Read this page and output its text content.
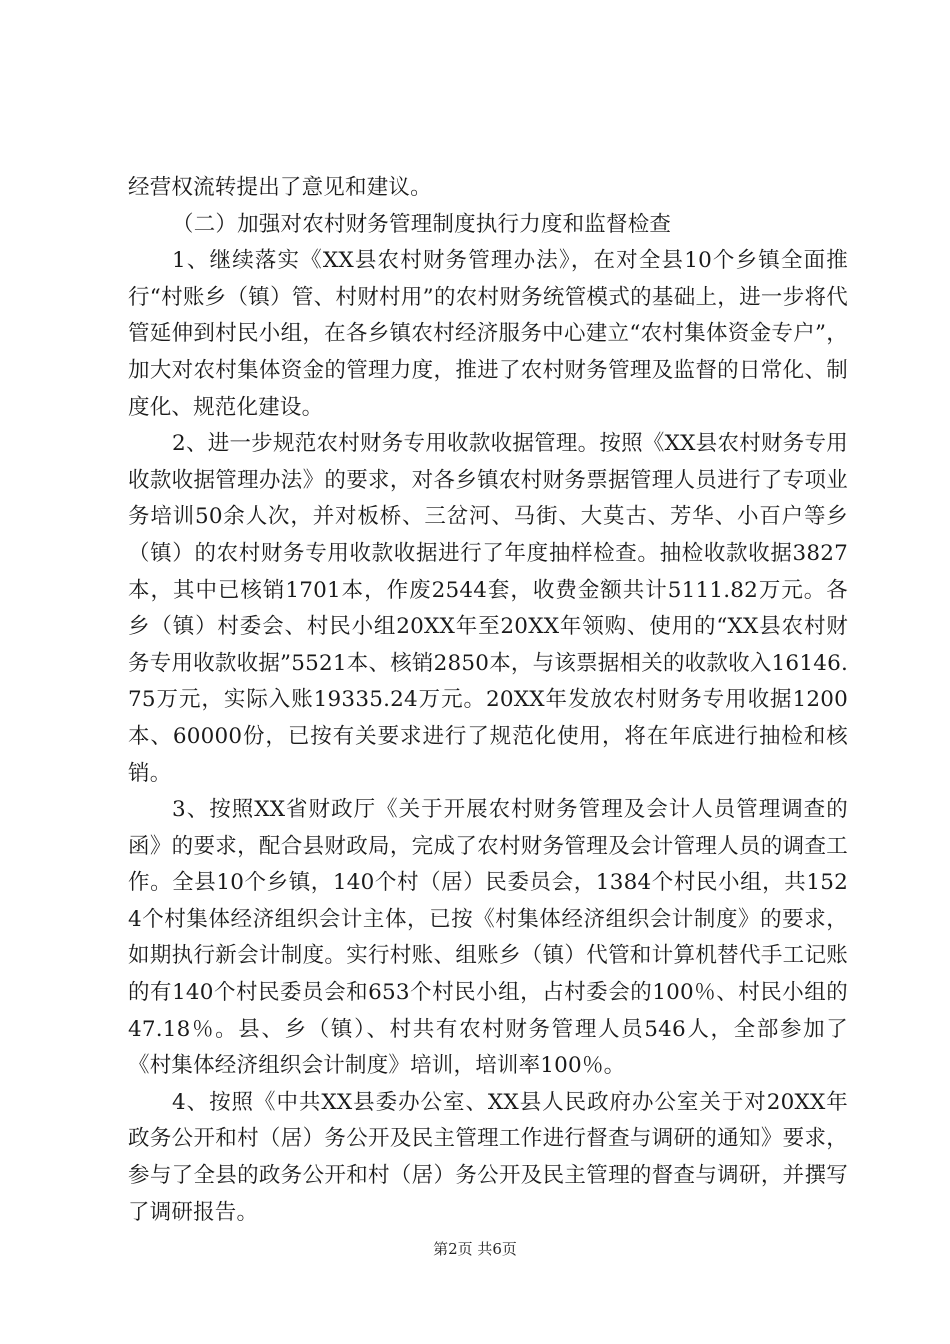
经营权流转提出了意见和建议。

（二）加强对农村财务管理制度执行力度和监督检查

1、继续落实《XX县农村财务管理办法》，在对全县10个乡镇全面推行“村账乡（镇）管、村财村用”的农村财务统管模式的基础上，进一步将代管延伸到村民小组，在各乡镇农村经济服务中心建立“农村集体资金专户”，加大对农村集体资金的管理力度，推进了农村财务管理及监督的日常化、制度化、规范化建设。

2、进一步规范农村财务专用收款收据管理。按照《XX县农村财务专用收款收据管理办法》的要求，对各乡镇农村财务票据管理人员进行了专项业务培训50余人次，并对板桥、三岔河、马街、大莫古、芳华、小百户等乡（镇）的农村财务专用收款收据进行了年度抽样检查。抽检收款收据3827本，其中已核销1701本，作废2544套，收费金额共计5111.82万元。各乡（镇）村委会、村民小组20XX年至20XX年领购、使用的“XX县农村财务专用收款收据”5521本、核销2850本，与该票据相关的收款收入16146.75万元，实际入账19335.24万元。20XX年发放农村财务专用收据1200本、60000份，已按有关要求进行了规范化使用，将在年底进行抽检和核销。

3、按照XX省财政厅《关于开展农村财务管理及会计人员管理调查的函》的要求，配合县财政局，完成了农村财务管理及会计管理人员的调查工作。全县10个乡镇，140个村（居）民委员会，1384个村民小组，共1524个村集体经济组织会计主体，已按《村集体经济组织会计制度》的要求，如期执行新会计制度。实行村账、组账乡（镇）代管和计算机替代手工记账的有140个村民委员会和653个村民小组，占村委会的100％、村民小组的47.18％。县、乡（镇）、村共有农村财务管理人员546人，全部参加了《村集体经济组织会计制度》培训，培训率100％。

4、按照《中共XX县委办公室、XX县人民政府办公室关于对20XX年政务公开和村（居）务公开及民主管理工作进行督查与调研的通知》要求，参与了全县的政务公开和村（居）务公开及民主管理的督查与调研，并撰写了调研报告。

第2页 共6页
